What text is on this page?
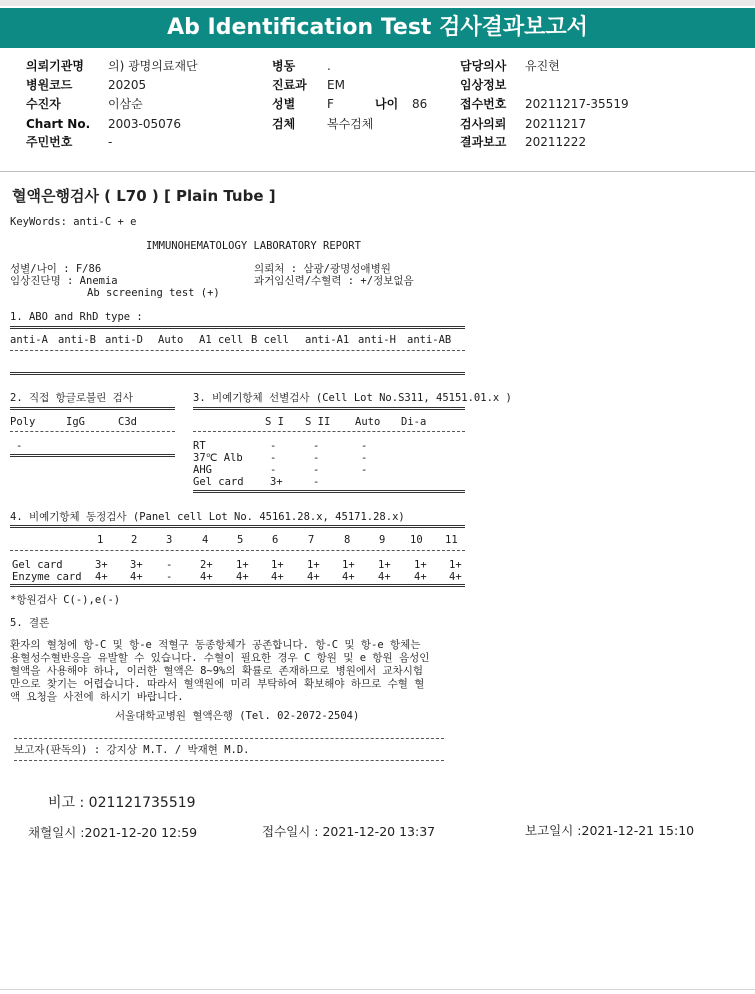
Ab Identification Test 검사결과보고서
의뢰기관명 의) 광명의료재단
병원코드	20205
수진자	이삼순
Chart No. 2003-05076
주민번호	-
병동	.
진료과 EM
성별	F	나이 86
검체	복수검체
담당의사 유진현
임상정보
접수번호 20211217-35519
검사의뢰 20211217
결과보고 20211222
혈액은행검사 ( L70 ) [ Plain Tube ]
KeyWords: anti-C + e
IMMUNOHEMATOLOGY LABORATORY REPORT
성별/나이 : F/86
임상진단명 : Anemia
Ab screening test (+)
의뢰처 : 삼광/광명성애병원
과거임신력/수혈력 : +/정보없음
1. ABO and RhD type :
anti-A anti-B anti-D Auto A1 cell B cell anti-A1 anti-H anti-AB
2. 직접 항글로불린 검사
Poly	IgG	C3d
-
3. 비예기항체 선별검사 (Cell Lot No.S311, 45151.01.x )
S I S II Auto Di-a
RT	-	-	-
37℃ Alb	-	-	-
AHG	-	-	-
Gel card	3+	-
4. 비예기항체 동정검사 (Panel cell Lot No. 45161.28.x, 45171.28.x)
1	2	3	4	5	6	7	8	9 10 11
Gel card	3+ 3+ -	2+ 1+ 1+ 1+ 1+ 1+ 1+ 1+
Enzyme card 4+ 4+ -	4+ 4+ 4+ 4+ 4+ 4+ 4+ 4+
*항원검사 C(-),e(-)
5. 결론
환자의 혈청에 항-C 및 항-e 적혈구 동종항체가 공존합니다. 항-C 및 항-e 항체는
용혈성수혈반응을 유발할 수 있습니다. 수혈이 필요한 경우 C 항원 및 e 항원 음성인
혈액을 사용해야 하나, 이러한 혈액은 8~9%의 확률로 존재하므로 병원에서 교차시험
만으로 찾기는 어렵습니다. 따라서 혈액원에 미리 부탁하여 확보해야 하므로 수혈 혈
액 요청을 사전에 하시기 바랍니다.
서울대학교병원 혈액은행 (Tel. 02-2072-2504)
보고자(판독의) : 강지상 M.T. / 박재현 M.D.
비고 : 021121735519
채혈일시 :2021-12-20 12:59	접수일시 : 2021-12-20 13:37	보고일시 :2021-12-21 15:10
